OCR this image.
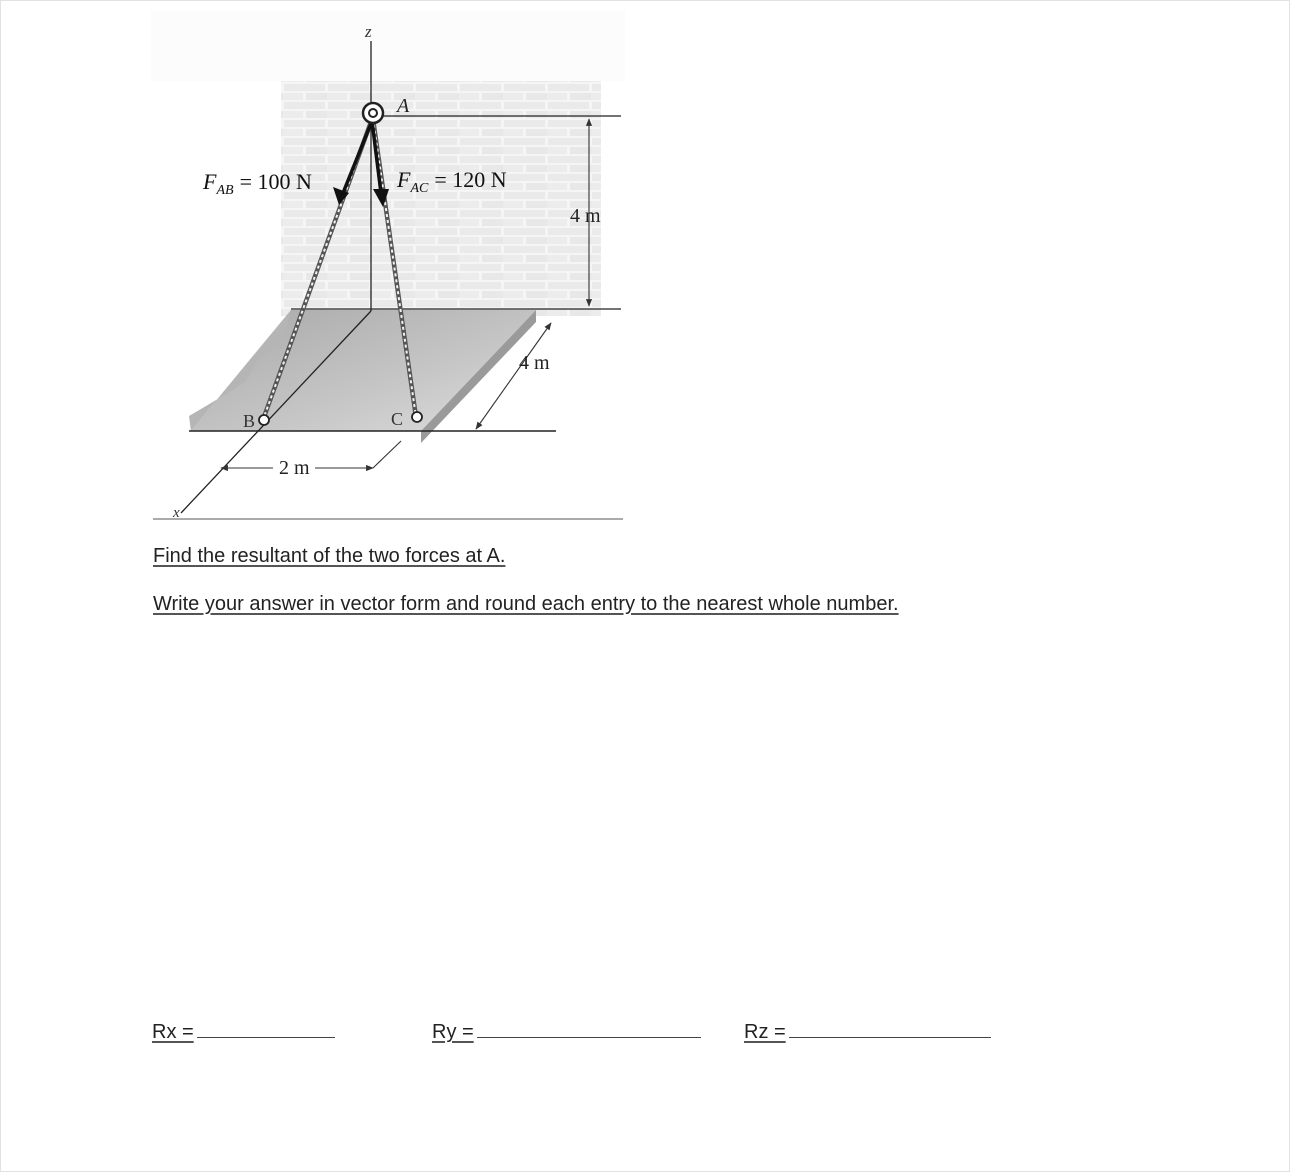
z
x
A
B	C
$F_{AB} = 100$ N	$F_{AC} = 120$ N
4 m
4 m
2 m
Find the resultant of the two forces at A.
Write your answer in vector form and round each entry to the nearest whole number.
Rx =	Ry =	Rz =
